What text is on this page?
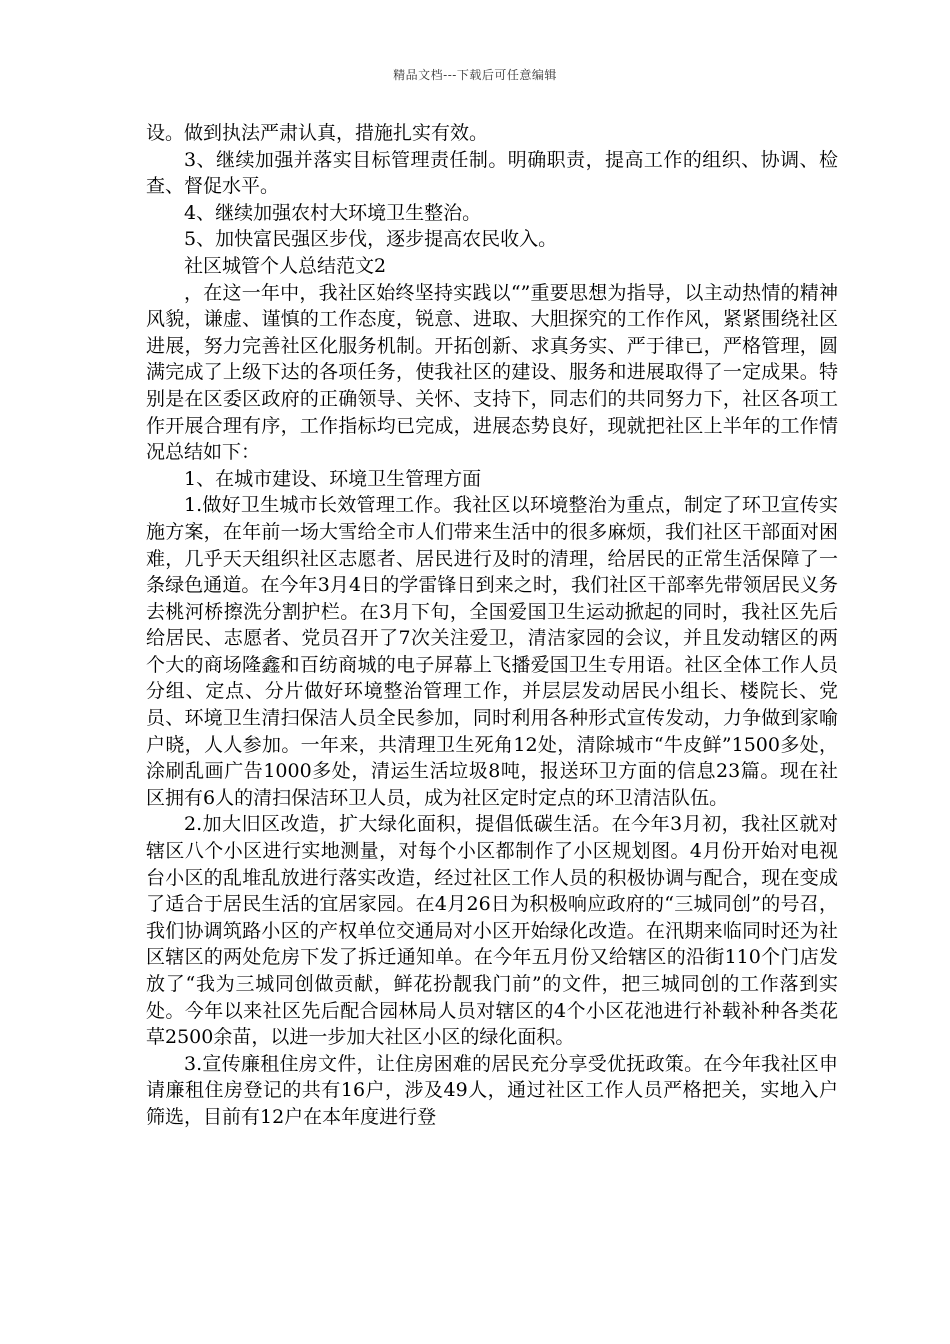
精品文档---下载后可任意编辑

设。做到执法严肃认真，措施扎实有效。

3、继续加强并落实目标管理责任制。明确职责，提高工作的组织、协调、检查、督促水平。

4、继续加强农村大环境卫生整治。

5、加快富民强区步伐，逐步提高农民收入。

社区城管个人总结范文2

，在这一年中，我社区始终坚持实践以“”重要思想为指导，以主动热情的精神风貌，谦虚、谨慎的工作态度，锐意、进取、大胆探究的工作作风，紧紧围绕社区进展，努力完善社区化服务机制。开拓创新、求真务实、严于律已，严格管理，圆满完成了上级下达的各项任务，使我社区的建设、服务和进展取得了一定成果。特别是在区委区政府的正确领导、关怀、支持下，同志们的共同努力下，社区各项工作开展合理有序，工作指标均已完成，进展态势良好，现就把社区上半年的工作情况总结如下：

1、在城市建设、环境卫生管理方面

1.做好卫生城市长效管理工作。我社区以环境整治为重点，制定了环卫宣传实施方案，在年前一场大雪给全市人们带来生活中的很多麻烦，我们社区干部面对困难，几乎天天组织社区志愿者、居民进行及时的清理，给居民的正常生活保障了一条绿色通道。在今年3月4日的学雷锋日到来之时，我们社区干部率先带领居民义务去桃河桥擦洗分割护栏。在3月下旬，全国爱国卫生运动掀起的同时，我社区先后给居民、志愿者、党员召开了7次关注爱卫，清洁家园的会议，并且发动辖区的两个大的商场隆鑫和百纺商城的电子屏幕上飞播爱国卫生专用语。社区全体工作人员分组、定点、分片做好环境整治管理工作，并层层发动居民小组长、楼院长、党员、环境卫生清扫保洁人员全民参加，同时利用各种形式宣传发动，力争做到家喻户晓，人人参加。一年来，共清理卫生死角12处，清除城市“牛皮鲜”1500多处，涂刷乱画广告1000多处，清运生活垃圾8吨，报送环卫方面的信息23篇。现在社区拥有6人的清扫保洁环卫人员，成为社区定时定点的环卫清洁队伍。

2.加大旧区改造，扩大绿化面积，提倡低碳生活。在今年3月初，我社区就对辖区八个小区进行实地测量，对每个小区都制作了小区规划图。4月份开始对电视台小区的乱堆乱放进行落实改造，经过社区工作人员的积极协调与配合，现在变成了适合于居民生活的宜居家园。在4月26日为积极响应政府的“三城同创”的号召，我们协调筑路小区的产权单位交通局对小区开始绿化改造。在汛期来临同时还为社区辖区的两处危房下发了拆迁通知单。在今年五月份又给辖区的沿街110个门店发放了“我为三城同创做贡献，鲜花扮靓我门前”的文件，把三城同创的工作落到实处。今年以来社区先后配合园林局人员对辖区的4个小区花池进行补载补种各类花草2500余苗，以进一步加大社区小区的绿化面积。

3.宣传廉租住房文件，让住房困难的居民充分享受优抚政策。在今年我社区申请廉租住房登记的共有16户，涉及49人，通过社区工作人员严格把关，实地入户筛选，目前有12户在本年度进行登
